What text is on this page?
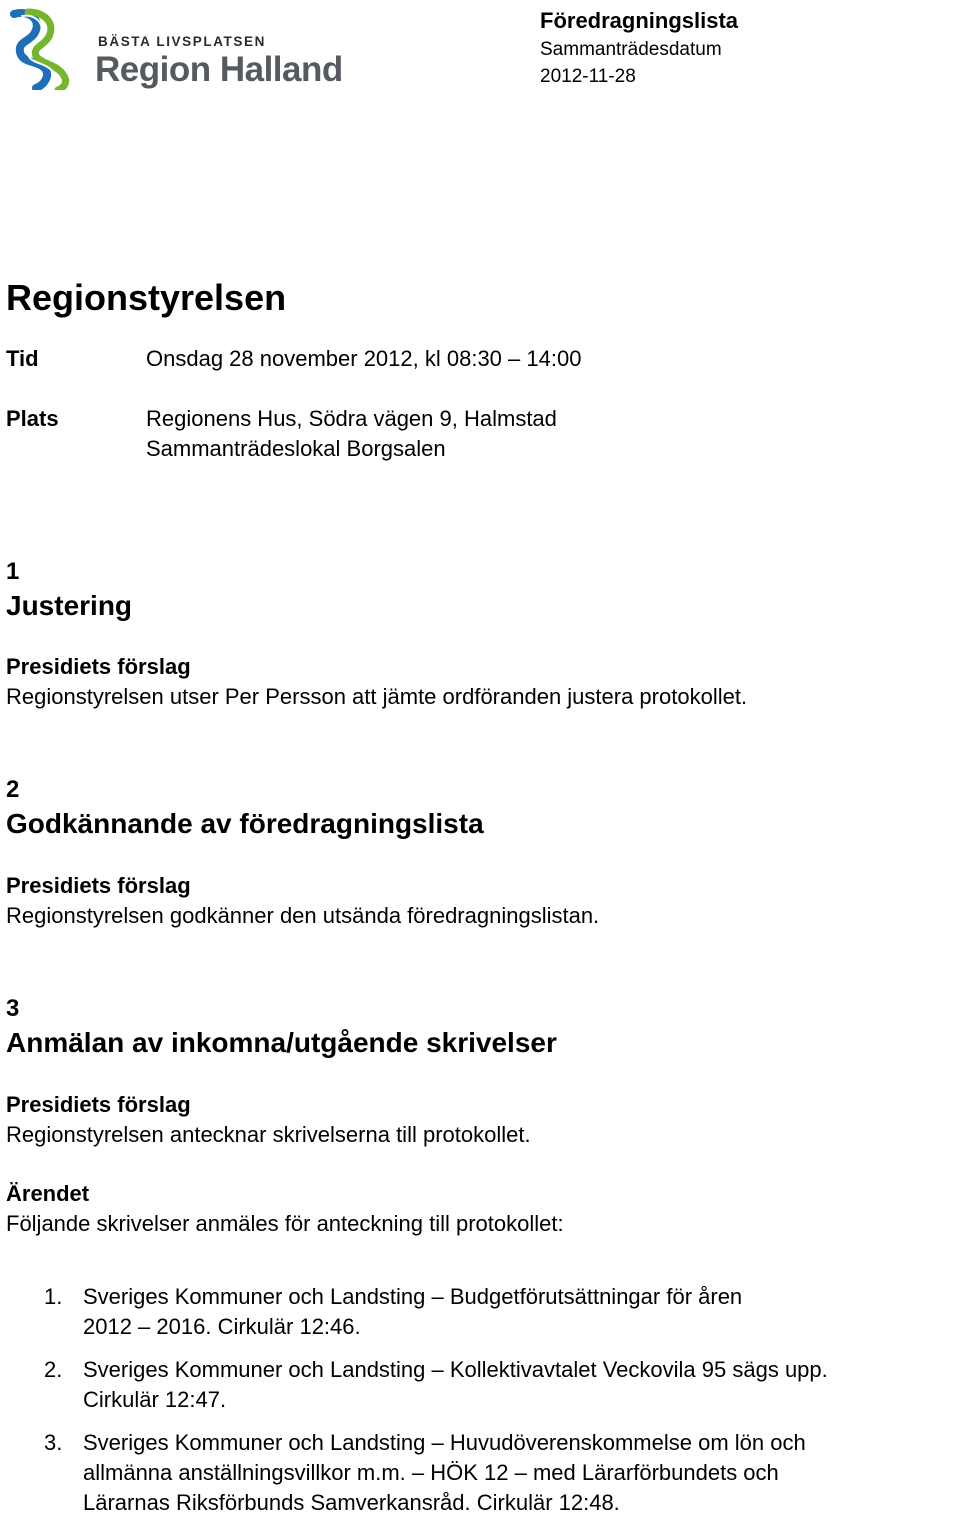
BÄSTA LIVSPLATSEN
Region Halland
Föredragningslista
Sammanträdesdatum
2012-11-28
Regionstyrelsen
Tid	Onsdag 28 november 2012, kl 08:30 – 14:00
Plats	Regionens Hus, Södra vägen 9, Halmstad
Sammanträdeslokal Borgsalen
1
Justering
Presidiets förslag
Regionstyrelsen utser Per Persson att jämte ordföranden justera protokollet.
2
Godkännande av föredragningslista
Presidiets förslag
Regionstyrelsen godkänner den utsända föredragningslistan.
3
Anmälan av inkomna/utgående skrivelser
Presidiets förslag
Regionstyrelsen antecknar skrivelserna till protokollet.
Ärendet
Följande skrivelser anmäles för anteckning till protokollet:
1. Sveriges Kommuner och Landsting – Budgetförutsättningar för åren
2012 – 2016. Cirkulär 12:46.
2. Sveriges Kommuner och Landsting – Kollektivavtalet Veckovila 95 sägs upp.
Cirkulär 12:47.
3. Sveriges Kommuner och Landsting – Huvudöverenskommelse om lön och
allmänna anställningsvillkor m.m. – HÖK 12 – med Lärarförbundets och
Lärarnas Riksförbunds Samverkansråd. Cirkulär 12:48.
